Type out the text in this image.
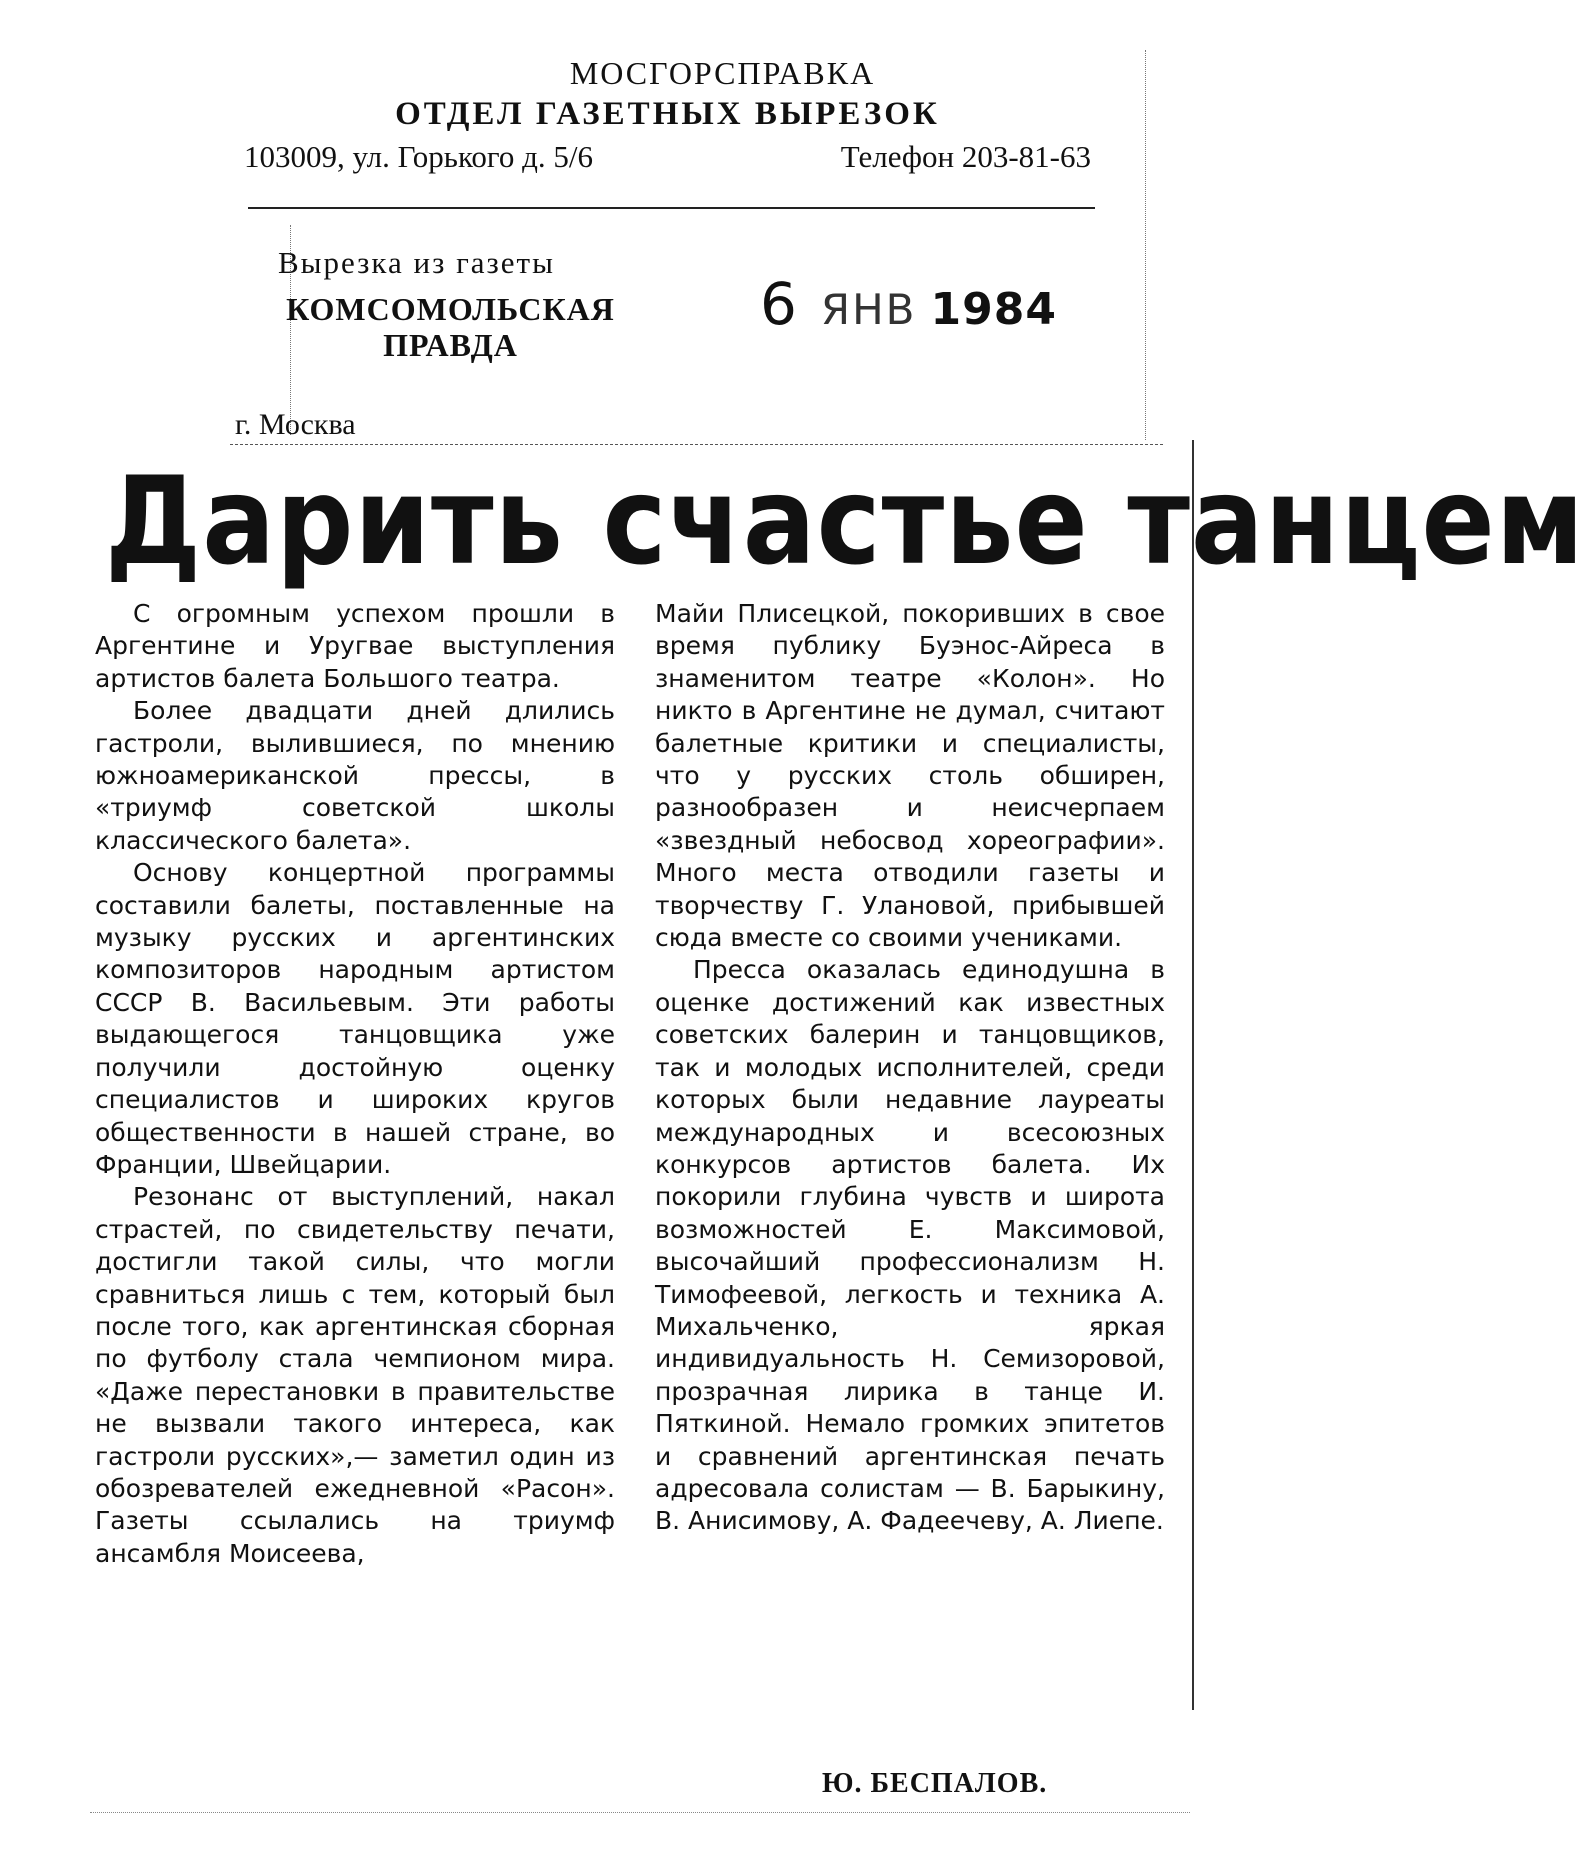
МОСГОРСПРАВКА
ОТДЕЛ ГАЗЕТНЫХ ВЫРЕЗОК
103009, ул. Горького д. 5/6	Телефон 203-81-63
Вырезка из газеты
КОМСОМОЛЬСКАЯ
ПРАВДА
6 ЯНВ 1984
г. Москва
Дарить счастье танцем

С огромным успехом прошли в Аргентине и Уругвае выступления артистов балета Большого театра.

Более двадцати дней длились гастроли, вылившиеся, по мнению южноамериканской прессы, в «триумф советской школы классического балета».

Основу концертной программы составили балеты, поставленные на музыку русских и аргентинских композиторов народным артистом СССР В. Васильевым. Эти работы выдающегося танцовщика уже получили достойную оценку специалистов и широких кругов общественности в нашей стране, во Франции, Швейцарии.

Резонанс от выступлений, накал страстей, по свидетельству печати, достигли такой силы, что могли сравниться лишь с тем, который был после того, как аргентинская сборная по футболу стала чемпионом мира. «Даже перестановки в правительстве не вызвали такого интереса, как гастроли русских»,— заметил один из обозревателей ежедневной «Расон». Газеты ссылались на триумф ансамбля Моисеева,

Майи Плисецкой, покоривших в свое время публику Буэнос-Айреса в знаменитом театре «Колон». Но никто в Аргентине не думал, считают балетные критики и специалисты, что у русских столь обширен, разнообразен и неисчерпаем «звездный небосвод хореографии». Много места отводили газеты и творчеству Г. Улановой, прибывшей сюда вместе со своими учениками.

Пресса оказалась единодушна в оценке достижений как известных советских балерин и танцовщиков, так и молодых исполнителей, среди которых были недавние лауреаты международных и всесоюзных конкурсов артистов балета. Их покорили глубина чувств и широта возможностей Е. Максимовой, высочайший профессионализм Н. Тимофеевой, легкость и техника А. Михальченко, яркая индивидуальность Н. Семизоровой, прозрачная лирика в танце И. Пяткиной. Немало громких эпитетов и сравнений аргентинская печать адресовала солистам — В. Барыкину, В. Анисимову, А. Фадеечеву, А. Лиепе.

Ю. БЕСПАЛОВ.
